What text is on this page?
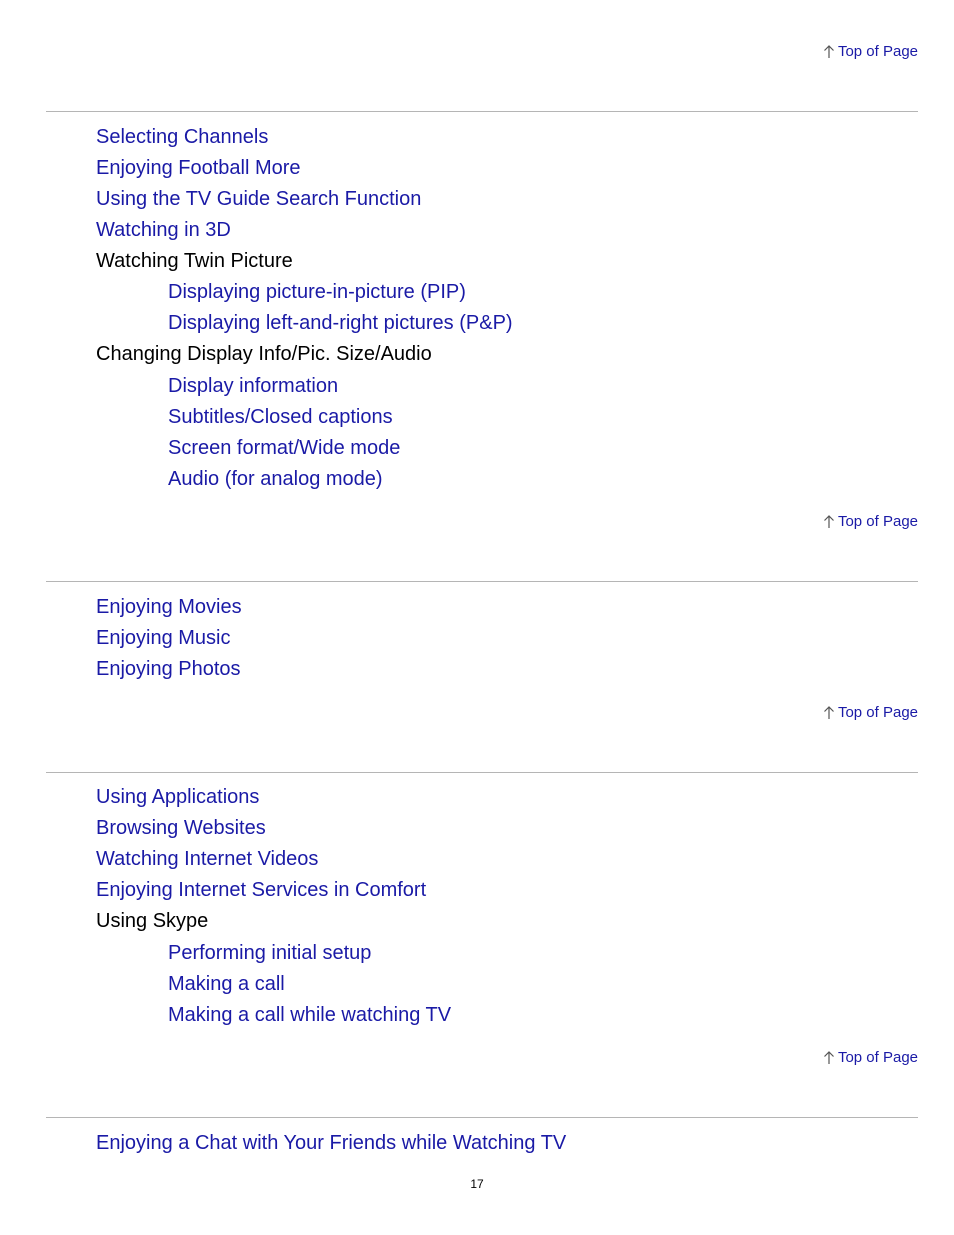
Top of Page
Selecting Channels
Enjoying Football More
Using the TV Guide Search Function
Watching in 3D
Watching Twin Picture
Displaying picture-in-picture (PIP)
Displaying left-and-right pictures (P&P)
Changing Display Info/Pic. Size/Audio
Display information
Subtitles/Closed captions
Screen format/Wide mode
Audio (for analog mode)
Top of Page
Enjoying Movies
Enjoying Music
Enjoying Photos
Top of Page
Using Applications
Browsing Websites
Watching Internet Videos
Enjoying Internet Services in Comfort
Using Skype
Performing initial setup
Making a call
Making a call while watching TV
Top of Page
Enjoying a Chat with Your Friends while Watching TV
17
